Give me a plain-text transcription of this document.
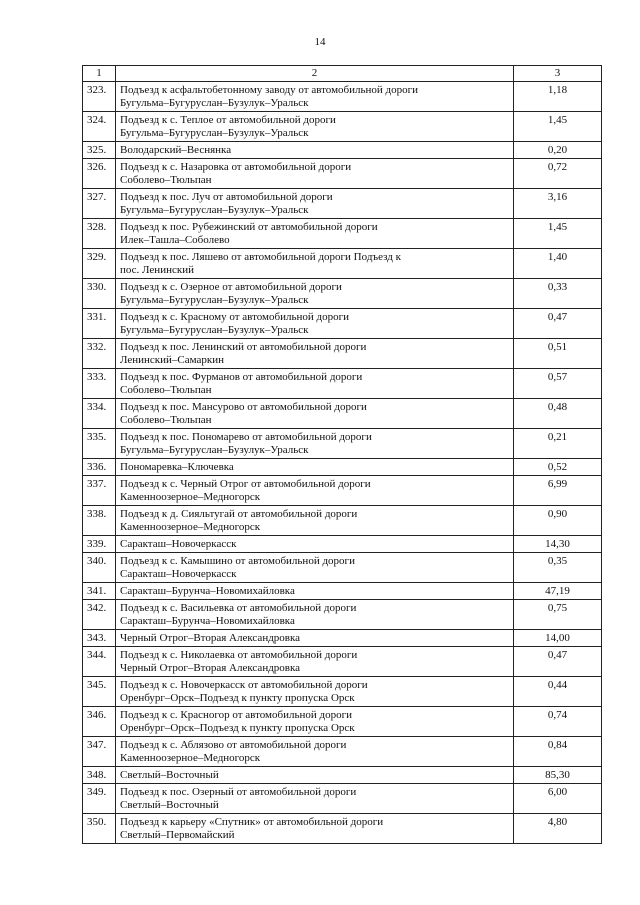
14
1	2	3
323.	Подъезд к асфальтобетонному заводу от автомобильной дороги
Бугульма–Бугуруслан–Бузулук–Уральск	1,18
324.	Подъезд к с. Теплое от автомобильной дороги
Бугульма–Бугуруслан–Бузулук–Уральск	1,45
325.	Володарский–Веснянка	0,20
326.	Подъезд к с. Назаровка от автомобильной дороги
Соболево–Тюльпан	0,72
327.	Подъезд к пос. Луч от автомобильной дороги
Бугульма–Бугуруслан–Бузулук–Уральск	3,16
328.	Подъезд к пос. Рубежинский от автомобильной дороги
Илек–Ташла–Соболево	1,45
329.	Подъезд к пос. Ляшево от автомобильной дороги Подъезд к
пос. Ленинский	1,40
330.	Подъезд к с. Озерное от автомобильной дороги
Бугульма–Бугуруслан–Бузулук–Уральск	0,33
331.	Подъезд к с. Красному от автомобильной дороги
Бугульма–Бугуруслан–Бузулук–Уральск	0,47
332.	Подъезд к пос. Ленинский от автомобильной дороги
Ленинский–Самаркин	0,51
333.	Подъезд к пос. Фурманов от автомобильной дороги
Соболево–Тюльпан	0,57
334.	Подъезд к пос. Мансурово от автомобильной дороги
Соболево–Тюльпан	0,48
335.	Подъезд к пос. Пономарево от автомобильной дороги
Бугульма–Бугуруслан–Бузулук–Уральск	0,21
336.	Пономаревка–Ключевка	0,52
337.	Подъезд к с. Черный Отрог от автомобильной дороги
Каменноозерное–Медногорск	6,99
338.	Подъезд к д. Сияльтугай от автомобильной дороги
Каменноозерное–Медногорск	0,90
339.	Саракташ–Новочеркасск	14,30
340.	Подъезд к с. Камышино от автомобильной дороги
Саракташ–Новочеркасск	0,35
341.	Саракташ–Бурунча–Новомихайловка	47,19
342.	Подъезд к с. Васильевка от автомобильной дороги
Саракташ–Бурунча–Новомихайловка	0,75
343.	Черный Отрог–Вторая Александровка	14,00
344.	Подъезд к с. Николаевка от автомобильной дороги
Черный Отрог–Вторая Александровка	0,47
345.	Подъезд к с. Новочеркасск от автомобильной дороги
Оренбург–Орск–Подъезд к пункту пропуска Орск	0,44
346.	Подъезд к с. Красногор от автомобильной дороги
Оренбург–Орск–Подъезд к пункту пропуска Орск	0,74
347.	Подъезд к с. Аблязово от автомобильной дороги
Каменноозерное–Медногорск	0,84
348.	Светлый–Восточный	85,30
349.	Подъезд к пос. Озерный от автомобильной дороги
Светлый–Восточный	6,00
350.	Подъезд к карьеру «Спутник» от автомобильной дороги
Светлый–Первомайский	4,80
